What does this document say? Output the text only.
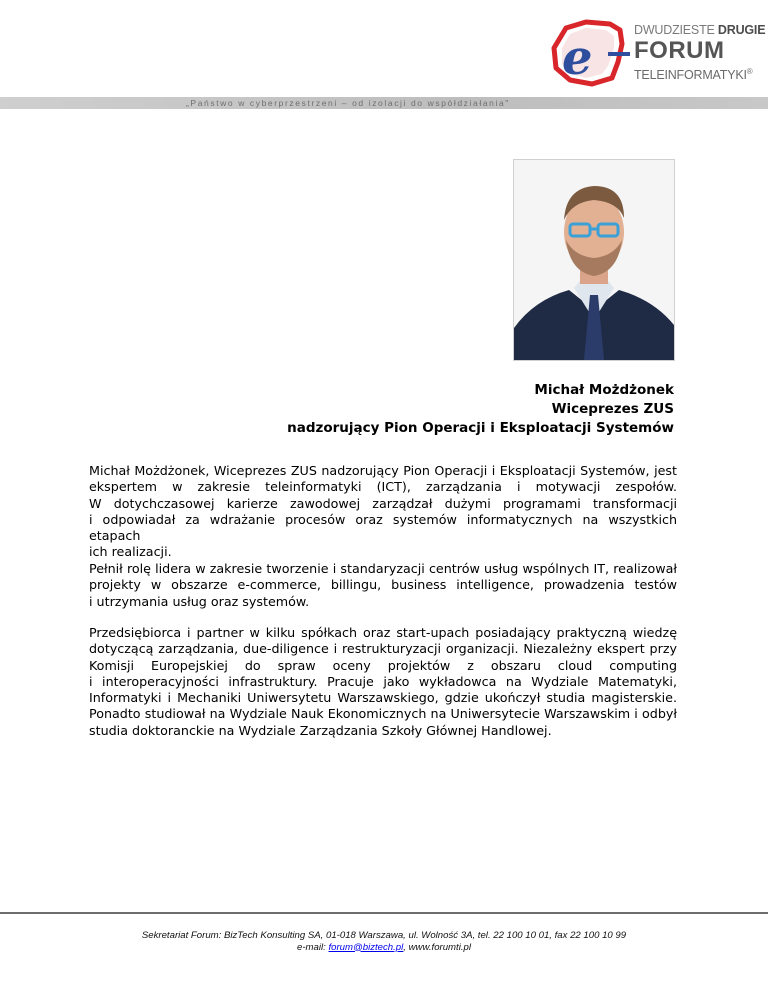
e	DWUDZIESTE DRUGIE
FORUM
TELEINFORMATYKI®
„Państwo w cyberprzestrzeni – od izolacji do współdziałania"
Michał Możdżonek
Wiceprezes ZUS
nadzorujący Pion Operacji i Eksploatacji Systemów
Michał Możdżonek, Wiceprezes ZUS nadzorujący Pion Operacji i Eksploatacji Systemów, jest
ekspertem w zakresie teleinformatyki (ICT), zarządzania i motywacji zespołów.
W dotychczasowej karierze zawodowej zarządzał dużymi programami transformacji
i odpowiadał za wdrażanie procesów oraz systemów informatycznych na wszystkich etapach
ich realizacji.
Pełnił rolę lidera w zakresie tworzenie i standaryzacji centrów usług wspólnych IT, realizował
projekty w obszarze e-commerce, billingu, business intelligence, prowadzenia testów
i utrzymania usług oraz systemów.
Przedsiębiorca i partner w kilku spółkach oraz start-upach posiadający praktyczną wiedzę
dotyczącą zarządzania, due-diligence i restrukturyzacji organizacji. Niezależny ekspert przy
Komisji Europejskiej do spraw oceny projektów z obszaru cloud computing
i interoperacyjności infrastruktury. Pracuje jako wykładowca na Wydziale Matematyki,
Informatyki i Mechaniki Uniwersytetu Warszawskiego, gdzie ukończył studia magisterskie.
Ponadto studiował na Wydziale Nauk Ekonomicznych na Uniwersytecie Warszawskim i odbył
studia doktoranckie na Wydziale Zarządzania Szkoły Głównej Handlowej.
Sekretariat Forum: BizTech Konsulting SA, 01-018 Warszawa, ul. Wolność 3A, tel. 22 100 10 01, fax 22 100 10 99
e-mail: forum@biztech.pl, www.forumti.pl
